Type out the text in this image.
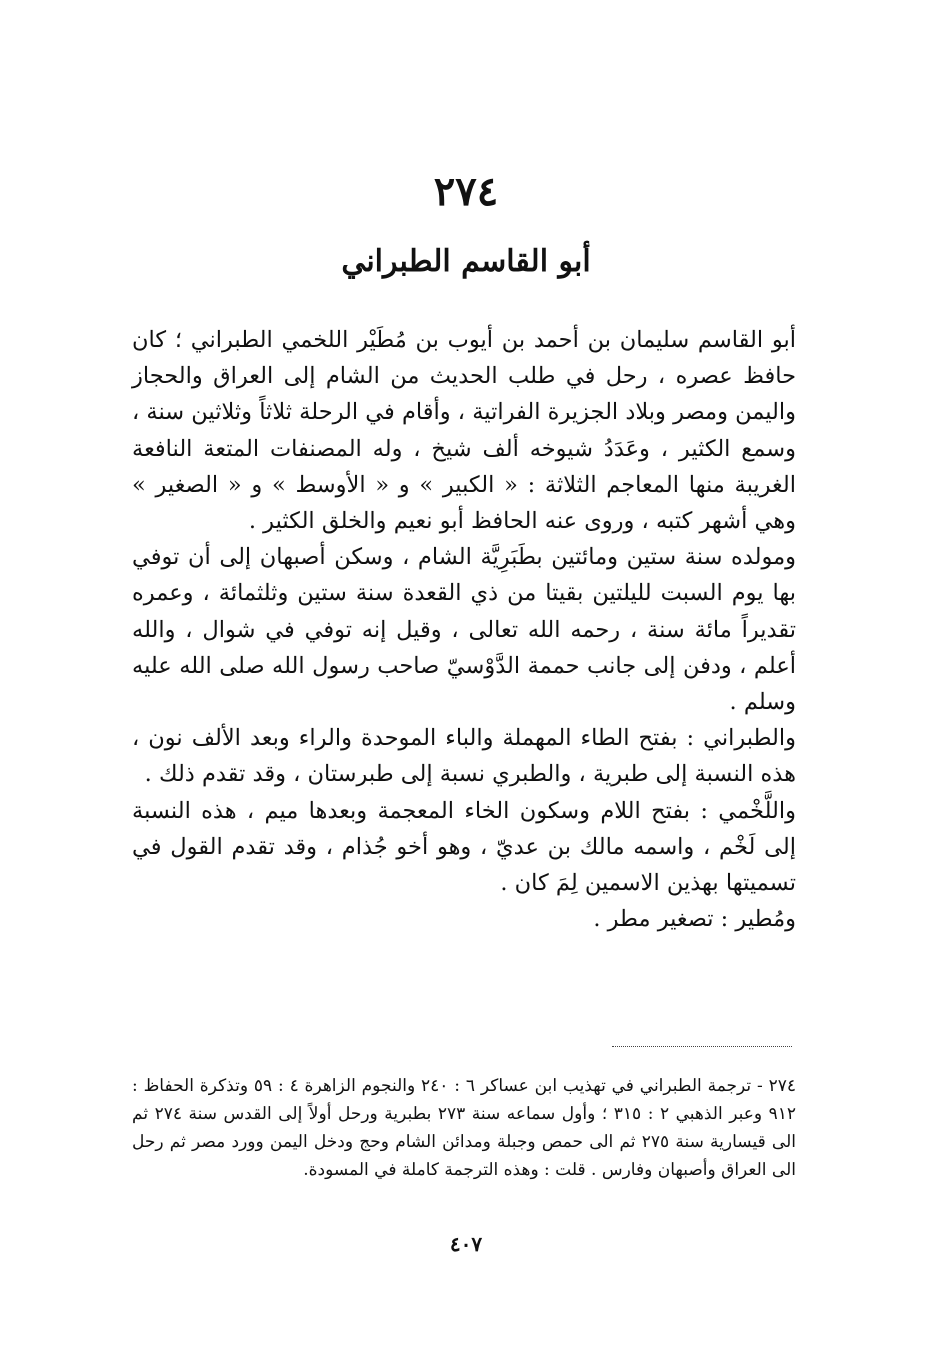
٢٧٤
أبو القاسم الطبراني

أبو القاسم سليمان بن أحمد بن أيوب بن مُطَيْر اللخمي الطبراني ؛ كان حافظ عصره ، رحل في طلب الحديث من الشام إلى العراق والحجاز واليمن ومصر وبلاد الجزيرة الفراتية ، وأقام في الرحلة ثلاثاً وثلاثين سنة ، وسمع الكثير ، وعَدَدُ شيوخه ألف شيخ ، وله المصنفات المتعة النافعة الغريبة منها المعاجم الثلاثة : « الكبير » و « الأوسط » و « الصغير » وهي أشهر كتبه ، وروى عنه الحافظ أبو نعيم والخلق الكثير .

ومولده سنة ستين ومائتين بطَبَرِيَّة الشام ، وسكن أصبهان إلى أن توفي بها يوم السبت لليلتين بقيتا من ذي القعدة سنة ستين وثلثمائة ، وعمره تقديراً مائة سنة ، رحمه الله تعالى ، وقيل إنه توفي في شوال ، والله أعلم ، ودفن إلى جانب حممة الدَّوْسيّ صاحب رسول الله صلى الله عليه وسلم .

والطبراني : بفتح الطاء المهملة والباء الموحدة والراء وبعد الألف نون ، هذه النسبة إلى طبرية ، والطبري نسبة إلى طبرستان ، وقد تقدم ذلك .

واللَّخْمي : بفتح اللام وسكون الخاء المعجمة وبعدها ميم ، هذه النسبة إلى لَخْم ، واسمه مالك بن عديّ ، وهو أخو جُذام ، وقد تقدم القول في تسميتها بهذين الاسمين لِمَ كان .

ومُطير : تصغير مطر .

٢٧٤ - ترجمة الطبراني في تهذيب ابن عساكر ٦ : ٢٤٠ والنجوم الزاهرة ٤ : ٥٩ وتذكرة الحفاظ : ٩١٢ وعبر الذهبي ٢ : ٣١٥ ؛ وأول سماعه سنة ٢٧٣ بطبرية ورحل أولاً إلى القدس سنة ٢٧٤ ثم الى قيسارية سنة ٢٧٥ ثم الى حمص وجبلة ومدائن الشام وحج ودخل اليمن وورد مصر ثم رحل الى العراق وأصبهان وفارس . قلت : وهذه الترجمة كاملة في المسودة.

٤٠٧
